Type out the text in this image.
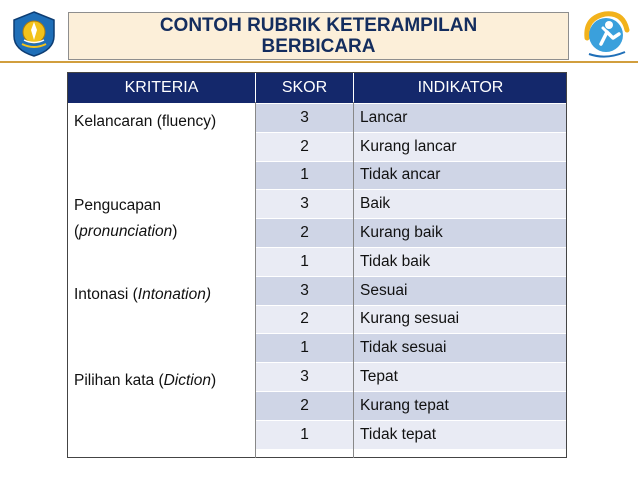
CONTOH RUBRIK KETERAMPILAN
BERBICARA
KRITERIA	SKOR	INDIKATOR
Kelancaran (fluency)	3	Lancar
	2	Kurang lancar
	1	Tidak ancar
Pengucapan
(pronunciation)	3	Baik
	2	Kurang baik
	1	Tidak baik
Intonasi (Intonation)	3	Sesuai
	2	Kurang sesuai
	1	Tidak sesuai
Pilihan kata (Diction)	3	Tepat
	2	Kurang tepat
	1	Tidak tepat
